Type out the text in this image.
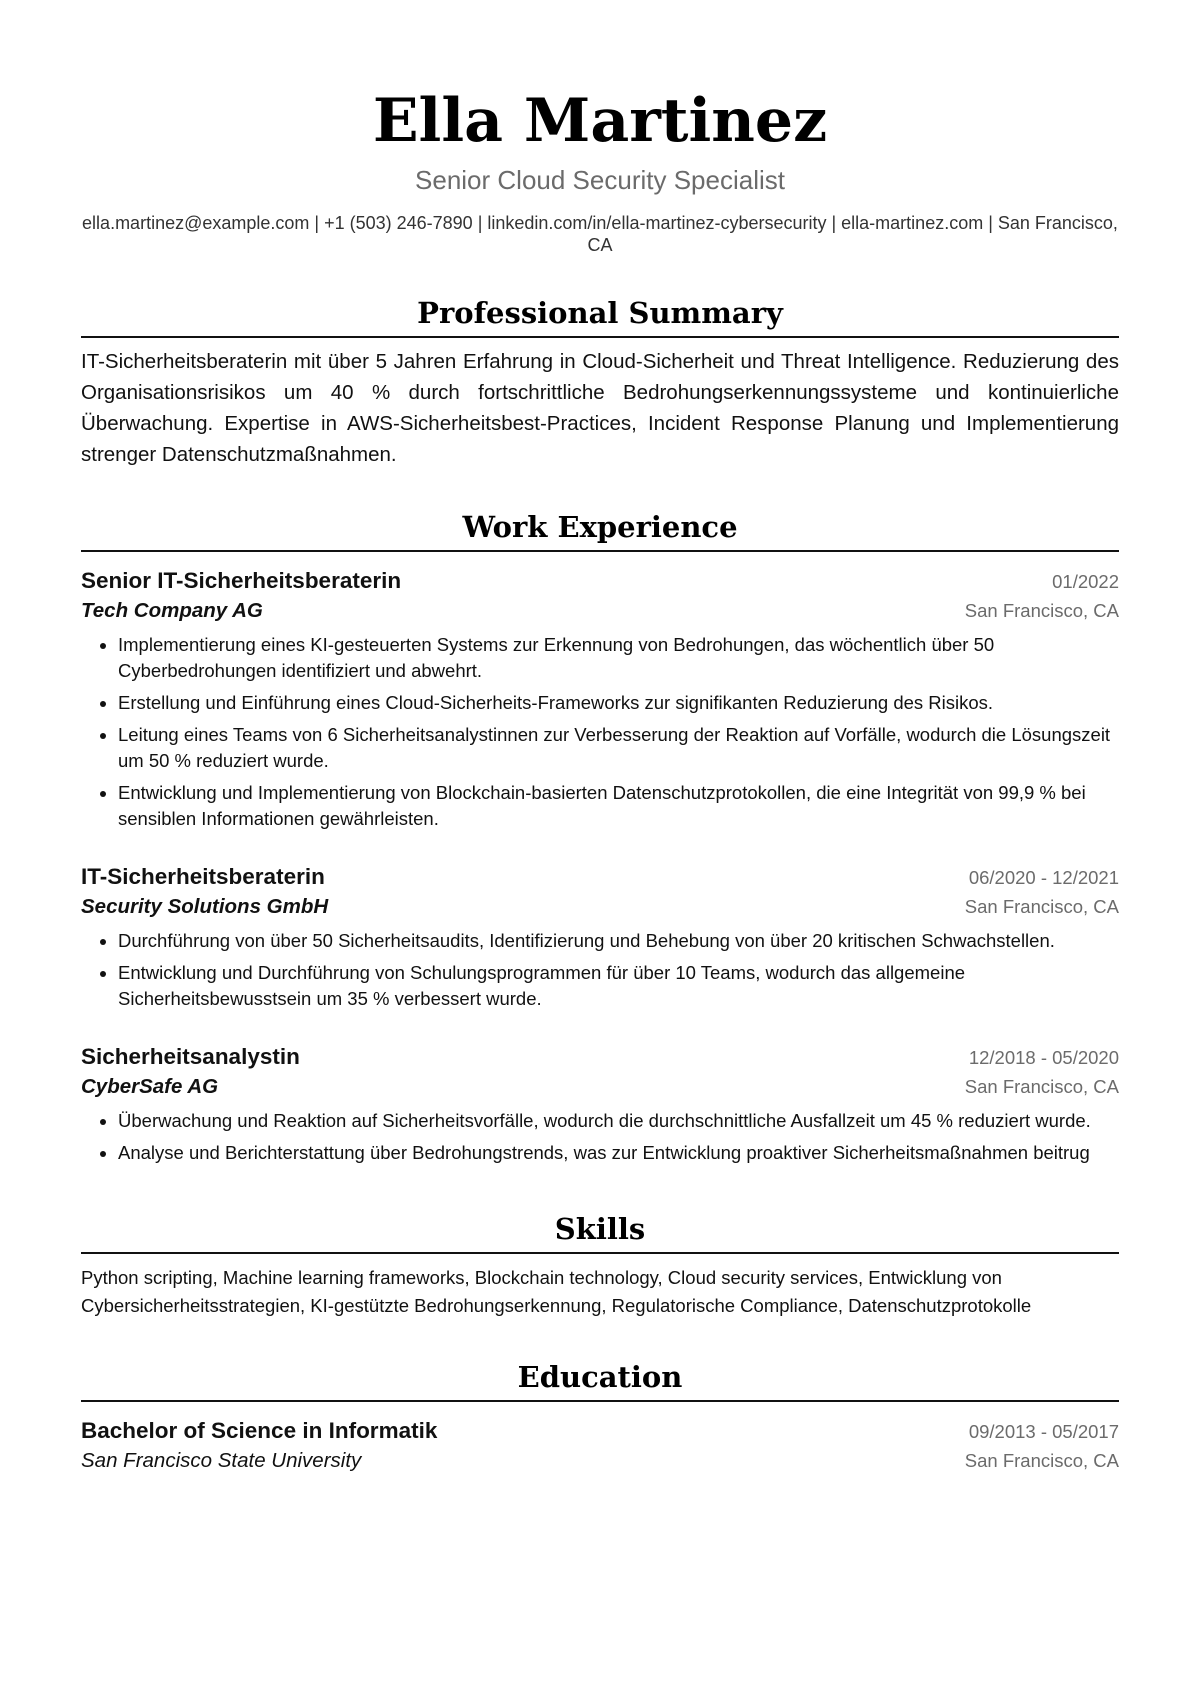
Ella Martinez
Senior Cloud Security Specialist
ella.martinez@example.com | +1 (503) 246-7890 | linkedin.com/in/ella-martinez-cybersecurity | ella-martinez.com | San Francisco, CA
Professional Summary
IT-Sicherheitsberaterin mit über 5 Jahren Erfahrung in Cloud-Sicherheit und Threat Intelligence. Reduzierung des Organisationsrisikos um 40 % durch fortschrittliche Bedrohungserkennungssysteme und kontinuierliche Überwachung. Expertise in AWS-Sicherheitsbest-Practices, Incident Response Planung und Implementierung strenger Datenschutzmaßnahmen.
Work Experience
Senior IT-Sicherheitsberaterin	01/2022
Tech Company AG	San Francisco, CA
• Implementierung eines KI-gesteuerten Systems zur Erkennung von Bedrohungen, das wöchentlich über 50 Cyberbedrohungen identifiziert und abwehrt.
• Erstellung und Einführung eines Cloud-Sicherheits-Frameworks zur signifikanten Reduzierung des Risikos.
• Leitung eines Teams von 6 Sicherheitsanalystinnen zur Verbesserung der Reaktion auf Vorfälle, wodurch die Lösungszeit um 50 % reduziert wurde.
• Entwicklung und Implementierung von Blockchain-basierten Datenschutzprotokollen, die eine Integrität von 99,9 % bei sensiblen Informationen gewährleisten.
IT-Sicherheitsberaterin	06/2020 - 12/2021
Security Solutions GmbH	San Francisco, CA
• Durchführung von über 50 Sicherheitsaudits, Identifizierung und Behebung von über 20 kritischen Schwachstellen.
• Entwicklung und Durchführung von Schulungsprogrammen für über 10 Teams, wodurch das allgemeine Sicherheitsbewusstsein um 35 % verbessert wurde.
Sicherheitsanalystin	12/2018 - 05/2020
CyberSafe AG	San Francisco, CA
• Überwachung und Reaktion auf Sicherheitsvorfälle, wodurch die durchschnittliche Ausfallzeit um 45 % reduziert wurde.
• Analyse und Berichterstattung über Bedrohungstrends, was zur Entwicklung proaktiver Sicherheitsmaßnahmen beitrug
Skills
Python scripting, Machine learning frameworks, Blockchain technology, Cloud security services, Entwicklung von Cybersicherheitsstrategien, KI-gestützte Bedrohungserkennung, Regulatorische Compliance, Datenschutzprotokolle
Education
Bachelor of Science in Informatik	09/2013 - 05/2017
San Francisco State University	San Francisco, CA
